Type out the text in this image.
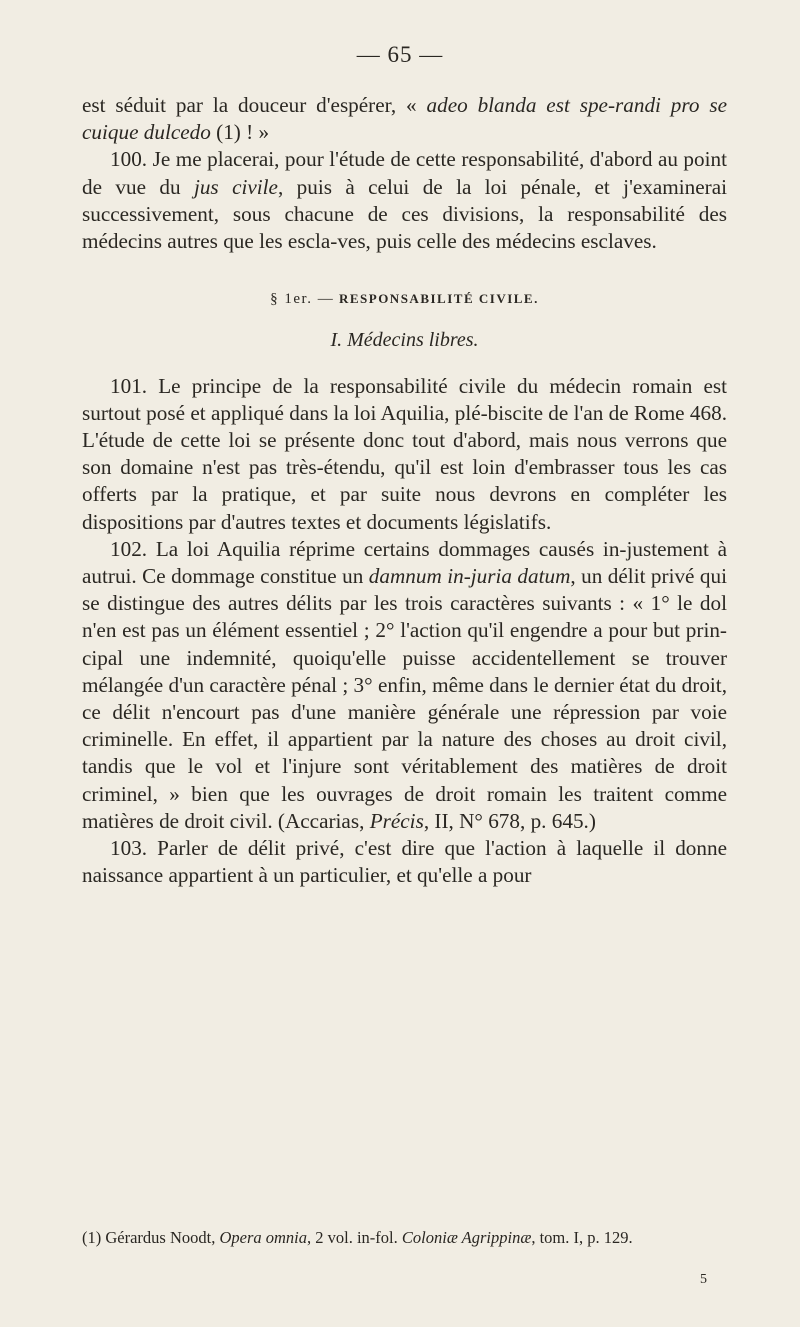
— 65 —

est séduit par la douceur d'espérer, « adeo blanda est spe-randi pro se cuique dulcedo (1) ! »

100. Je me placerai, pour l'étude de cette responsabilité, d'abord au point de vue du jus civile, puis à celui de la loi pénale, et j'examinerai successivement, sous chacune de ces divisions, la responsabilité des médecins autres que les escla-ves, puis celle des médecins esclaves.

§ 1er. — RESPONSABILITÉ CIVILE.
I. Médecins libres.

101. Le principe de la responsabilité civile du médecin romain est surtout posé et appliqué dans la loi Aquilia, plé-biscite de l'an de Rome 468. L'étude de cette loi se présente donc tout d'abord, mais nous verrons que son domaine n'est pas très-étendu, qu'il est loin d'embrasser tous les cas offerts par la pratique, et par suite nous devrons en compléter les dispositions par d'autres textes et documents législatifs.

102. La loi Aquilia réprime certains dommages causés in-justement à autrui. Ce dommage constitue un damnum in-juria datum, un délit privé qui se distingue des autres délits par les trois caractères suivants : « 1° le dol n'en est pas un élément essentiel ; 2° l'action qu'il engendre a pour but prin-cipal une indemnité, quoiqu'elle puisse accidentellement se trouver mélangée d'un caractère pénal ; 3° enfin, même dans le dernier état du droit, ce délit n'encourt pas d'une manière générale une répression par voie criminelle. En effet, il appartient par la nature des choses au droit civil, tandis que le vol et l'injure sont véritablement des matières de droit criminel, » bien que les ouvrages de droit romain les traitent comme matières de droit civil. (Accarias, Précis, II, N° 678, p. 645.)

103. Parler de délit privé, c'est dire que l'action à laquelle il donne naissance appartient à un particulier, et qu'elle a pour

(1) Gérardus Noodt, Opera omnia, 2 vol. in-fol. Coloniæ Agrippinæ, tom. I, p. 129.
5
